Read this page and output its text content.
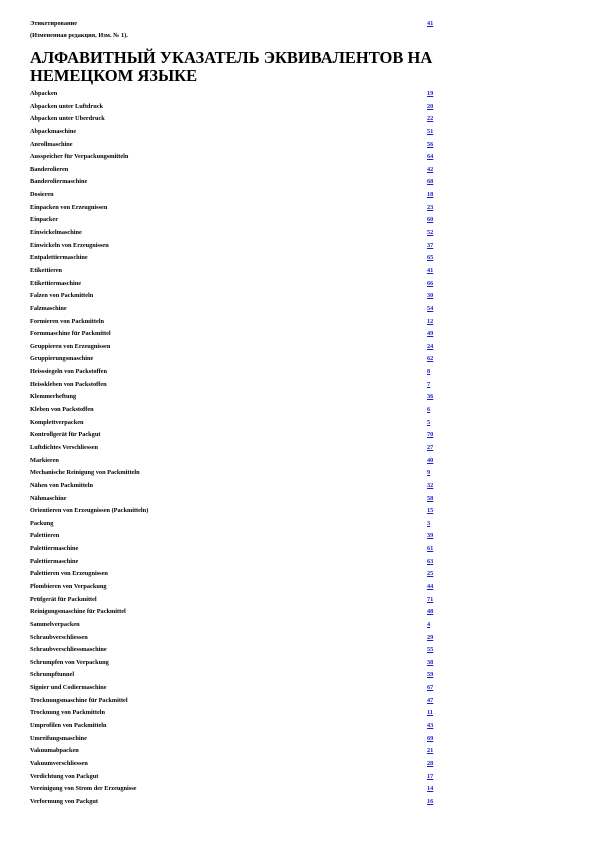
Этикетирование	41
(Измененная редакция, Изм. № 1).
АЛФАВИТНЫЙ УКАЗАТЕЛЬ ЭКВИВАЛЕНТОВ НА НЕМЕЦКОМ ЯЗЫКЕ
Abpacken	19
Abpacken unter Luftdruck	20
Abpacken unter Uberdruck	22
Abpackmaschine	51
Anrollmaschine	56
Ausspeicher für Verpackungsmitteln	64
Banderolieren	42
Banderoliermaschine	68
Dosieren	18
Einpacken von Erzeugnissen	23
Einpacker	60
Einwickelmaschine	52
Einwickeln von Erzeugnissen	37
Entpalettiermaschine	65
Etikettieren	41
Etikettiermaschine	66
Falzen von Packmitteln	30
Falzmaschine	54
Formieren von Packmitteln	12
Formmaschine für Packmittel	49
Gruppieren von Erzeugnissen	24
Gruppierungsmaschine	62
Heisssiegeln von Packstoffen	8
Heisskleben von Packstoffen	7
Klemmerheftung	36
Kleben von Packstoffen	6
Komplettverpacken	5
Kontrollgerät für Packgut	70
Luftdichtes Verschliessen	27
Markieren	40
Mechanische Reinigung von Packmitteln	9
Nähen von Packmitteln	32
Nähmaschine	58
Orientieren von Erzeugnissen (Packmitteln)	15
Packung	3
Palettieren	39
Palettiermaschine	61
Palettiermaschine	63
Palettieren von Erzeugnissen	25
Plombieren von Verpackung	44
Prüfgerät für Packmittel	71
Reinigungsmaschine für Packmittel	48
Sammelverpacken	4
Schraubverschliessen	29
Schraubverschliessmaschine	55
Schrumpfen von Verpackung	38
Schrumpftunnel	59
Signier und Codiermaschine	67
Trocknungsmaschine für Packmittel	47
Trocknung von Packmitteln	11
Umprofilen von Packmitteln	43
Umreifungsmaschine	69
Vakuumabpacken	21
Vakuumverschliessen	28
Verdichtung von Packgut	17
Vereinigung von Strom der Erzeugnisse	14
Verformung von Packgut	16
